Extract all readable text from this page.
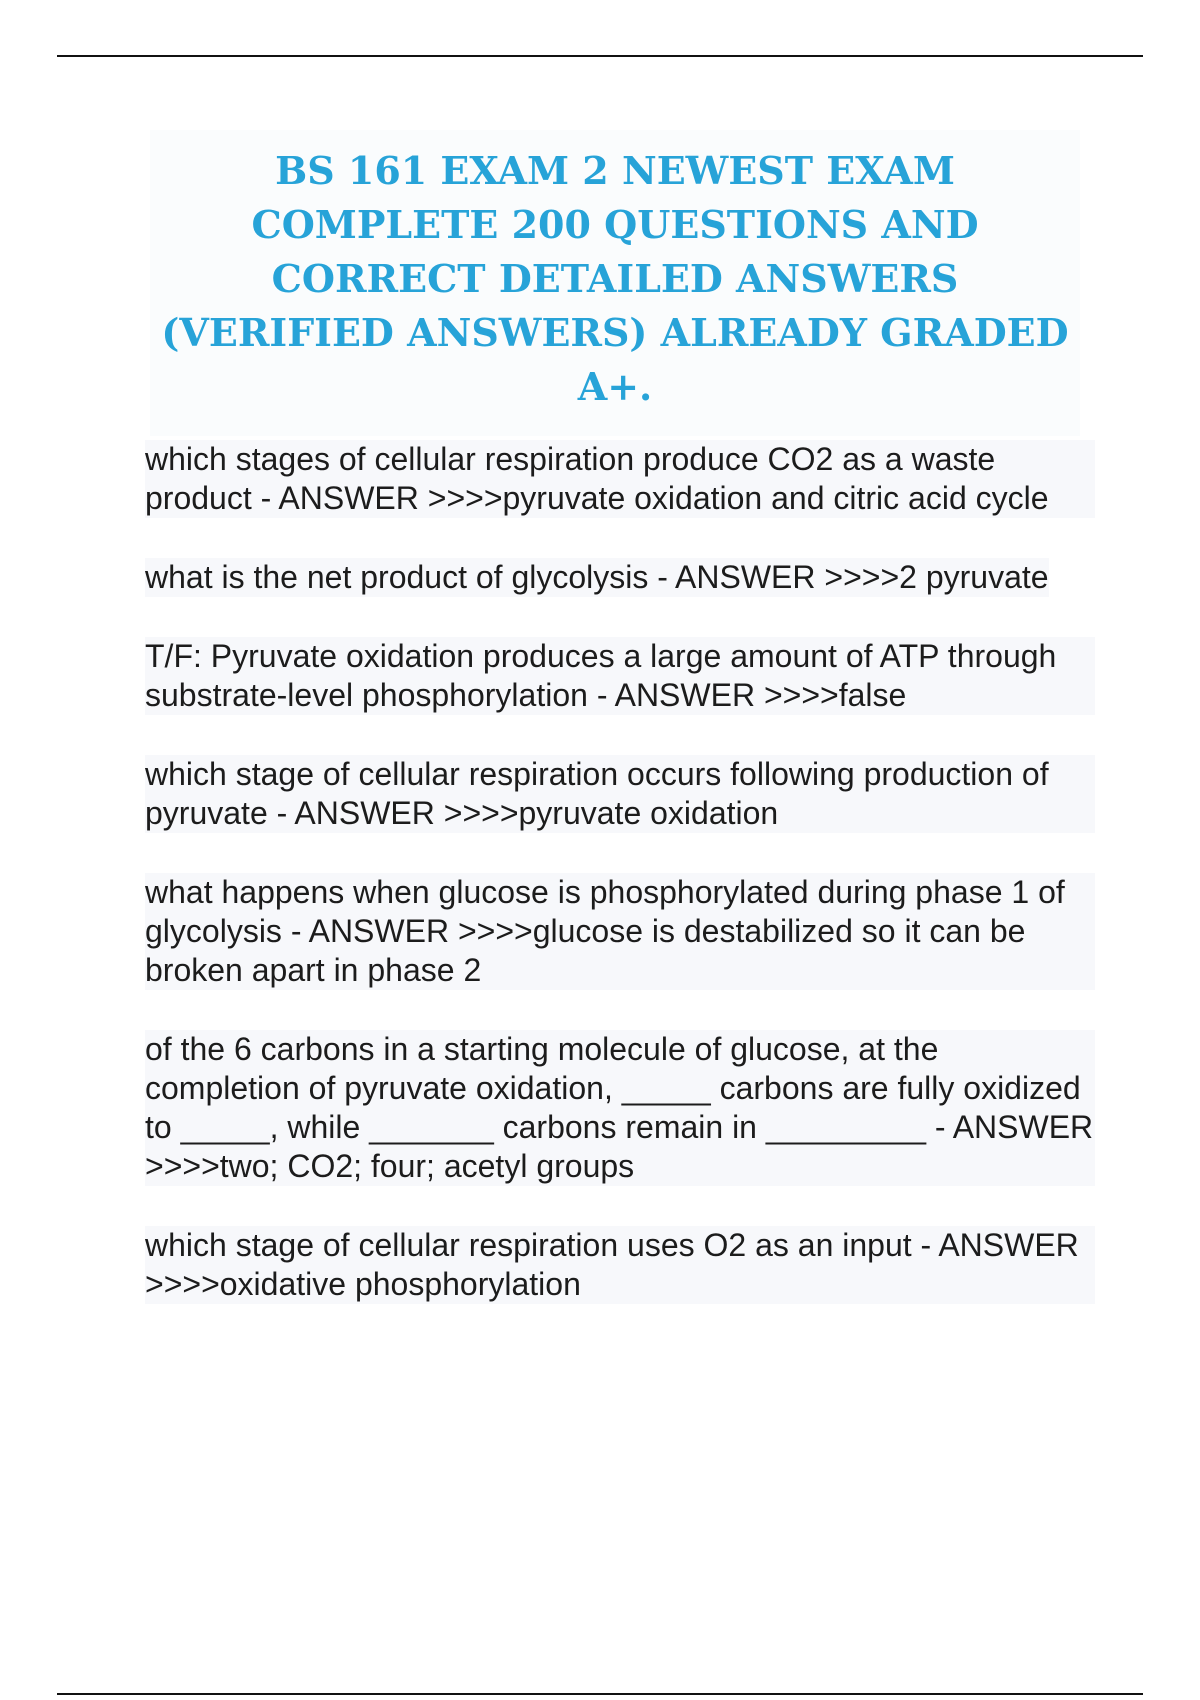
BS 161 EXAM 2 NEWEST EXAM COMPLETE 200 QUESTIONS AND CORRECT DETAILED ANSWERS (VERIFIED ANSWERS) ALREADY GRADED A+.
which stages of cellular respiration produce CO2 as a waste product - ANSWER >>>>pyruvate oxidation and citric acid cycle
what is the net product of glycolysis - ANSWER >>>>2 pyruvate
T/F: Pyruvate oxidation produces a large amount of ATP through substrate-level phosphorylation - ANSWER >>>>false
which stage of cellular respiration occurs following production of pyruvate - ANSWER >>>>pyruvate oxidation
what happens when glucose is phosphorylated during phase 1 of glycolysis - ANSWER >>>>glucose is destabilized so it can be broken apart in phase 2
of the 6 carbons in a starting molecule of glucose, at the completion of pyruvate oxidation, _____ carbons are fully oxidized to _____, while _______ carbons remain in _________ - ANSWER >>>>two; CO2; four; acetyl groups
which stage of cellular respiration uses O2 as an input - ANSWER >>>>oxidative phosphorylation
